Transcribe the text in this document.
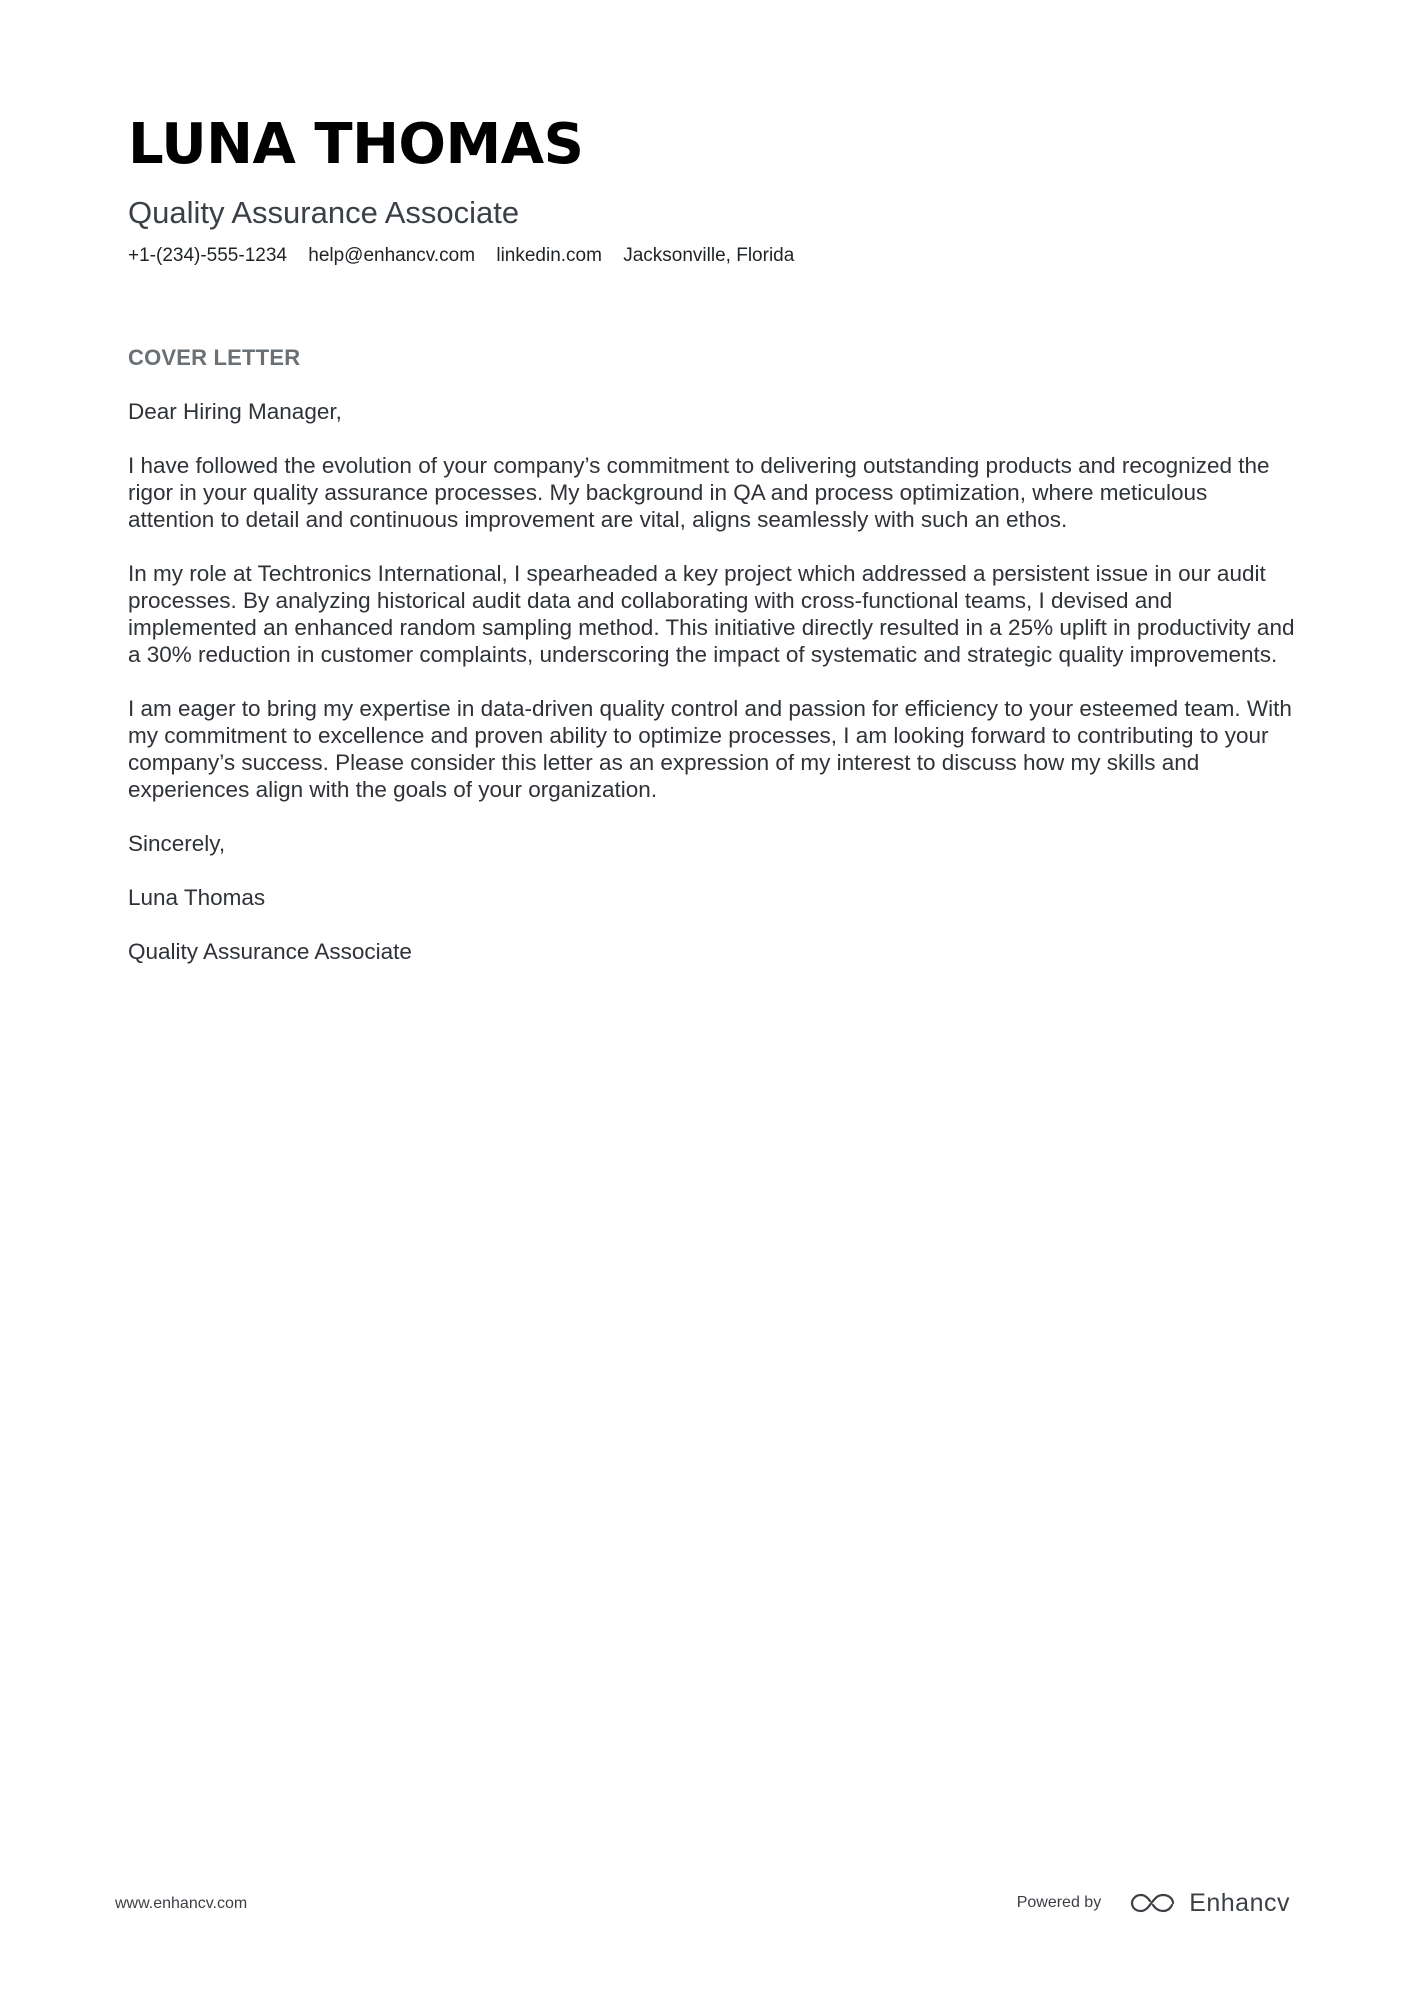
LUNA THOMAS
Quality Assurance Associate
+1-(234)-555-1234 help@enhancv.com linkedin.com Jacksonville, Florida
COVER LETTER

Dear Hiring Manager,

I have followed the evolution of your company’s commitment to delivering outstanding products and recognized the rigor in your quality assurance processes. My background in QA and process optimization, where meticulous attention to detail and continuous improvement are vital, aligns seamlessly with such an ethos.

In my role at Techtronics International, I spearheaded a key project which addressed a persistent issue in our audit processes. By analyzing historical audit data and collaborating with cross-functional teams, I devised and implemented an enhanced random sampling method. This initiative directly resulted in a 25% uplift in productivity and a 30% reduction in customer complaints, underscoring the impact of systematic and strategic quality improvements.

I am eager to bring my expertise in data-driven quality control and passion for efficiency to your esteemed team. With my commitment to excellence and proven ability to optimize processes, I am looking forward to contributing to your company’s success. Please consider this letter as an expression of my interest to discuss how my skills and experiences align with the goals of your organization.

Sincerely,

Luna Thomas

Quality Assurance Associate

www.enhancv.com	Powered by	Enhancv
